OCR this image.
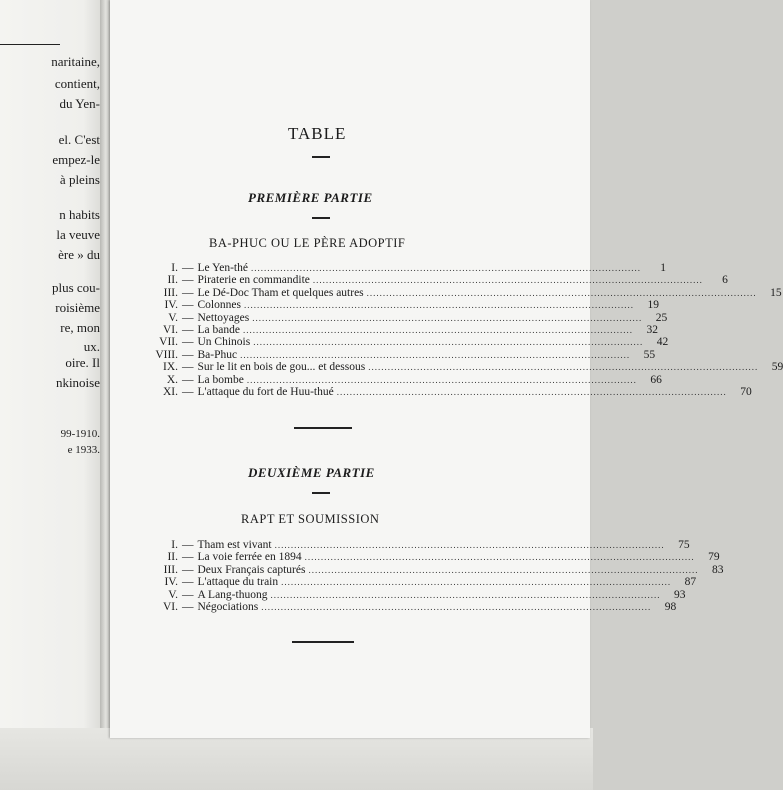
naritaine,
contient,
du Yen-
el. C'est
empez-le
à pleins
n habits
la veuve
ère » du
plus cou-
roisième
re, mon
ux.
oire. Il
nkinoise
99-1910.
e 1933.
TABLE
PREMIÈRE PARTIE
BA-PHUC OU LE PÈRE ADOPTIF
I. — Le Yen-thé ........................................................................................................................	1
II. — Piraterie en commandite ........................................................................................................................	6
III. — Le Dé-Doc Tham et quelques autres ........................................................................................................................	15
IV. — Colonnes ........................................................................................................................	19
V. — Nettoyages ........................................................................................................................	25
VI. — La bande ........................................................................................................................	32
VII. — Un Chinois ........................................................................................................................	42
VIII. — Ba-Phuc ........................................................................................................................	55
IX. — Sur le lit en bois de gou... et dessous ........................................................................................................................	59
X. — La bombe ........................................................................................................................	66
XI. — L'attaque du fort de Huu-thué ........................................................................................................................	70
DEUXIÈME PARTIE
RAPT ET SOUMISSION
I. — Tham est vivant ........................................................................................................................	75
II. — La voie ferrée en 1894 ........................................................................................................................	79
III. — Deux Français capturés ........................................................................................................................	83
IV. — L'attaque du train ........................................................................................................................	87
V. — A Lang-thuong ........................................................................................................................	93
VI. — Négociations ........................................................................................................................	98
